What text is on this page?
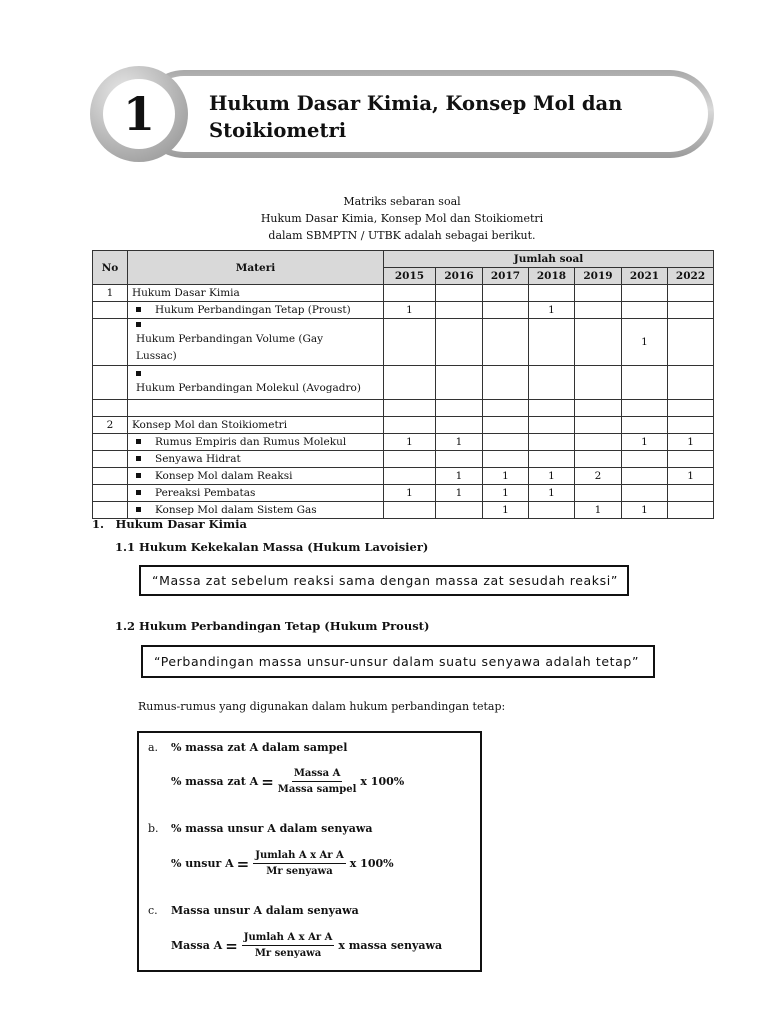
1	Hukum Dasar Kimia, Konsep Mol dan
Stoikiometri
Matriks sebaran soal
Hukum Dasar Kimia, Konsep Mol dan Stoikiometri
dalam SBMPTN / UTBK adalah sebagai berikut.
No	Materi	Jumlah soal						
		2015	2016	2017	2018	2019	2021	2022
1	Hukum Dasar Kimia							
	Hukum Perbandingan Tetap (Proust)	1			1			
	Hukum Perbandingan Volume (Gay Lussac)						1	
	Hukum Perbandingan Molekul (Avogadro)							

2	Konsep Mol dan Stoikiometri							
	Rumus Empiris dan Rumus Molekul	1	1				1	1
	Senyawa Hidrat							
	Konsep Mol dalam Reaksi		1	1	1	2		1
	Pereaksi Pembatas	1	1	1	1			
	Konsep Mol dalam Sistem Gas			1		1	1	
1. Hukum Dasar Kimia
1.1 Hukum Kekekalan Massa (Hukum Lavoisier)
“Massa zat sebelum reaksi sama dengan massa zat sesudah reaksi”
1.2 Hukum Perbandingan Tetap (Hukum Proust)
“Perbandingan massa unsur-unsur dalam suatu senyawa adalah tetap”
Rumus-rumus yang digunakan dalam hukum perbandingan tetap:
a. % massa zat A dalam sampel
% massa zat $A = \frac{\text{Massa A}}{\text{Massa sampel}}$ x 100%
b. % massa unsur A dalam senyawa
% unsur $A = \frac{\text{Jumlah A x Ar A}}{\text{Mr senyawa}}$ x 100%
c. Massa unsur A dalam senyawa
Massa $A = \frac{\text{Jumlah A x Ar A}}{\text{Mr senyawa}}$ x massa senyawa
